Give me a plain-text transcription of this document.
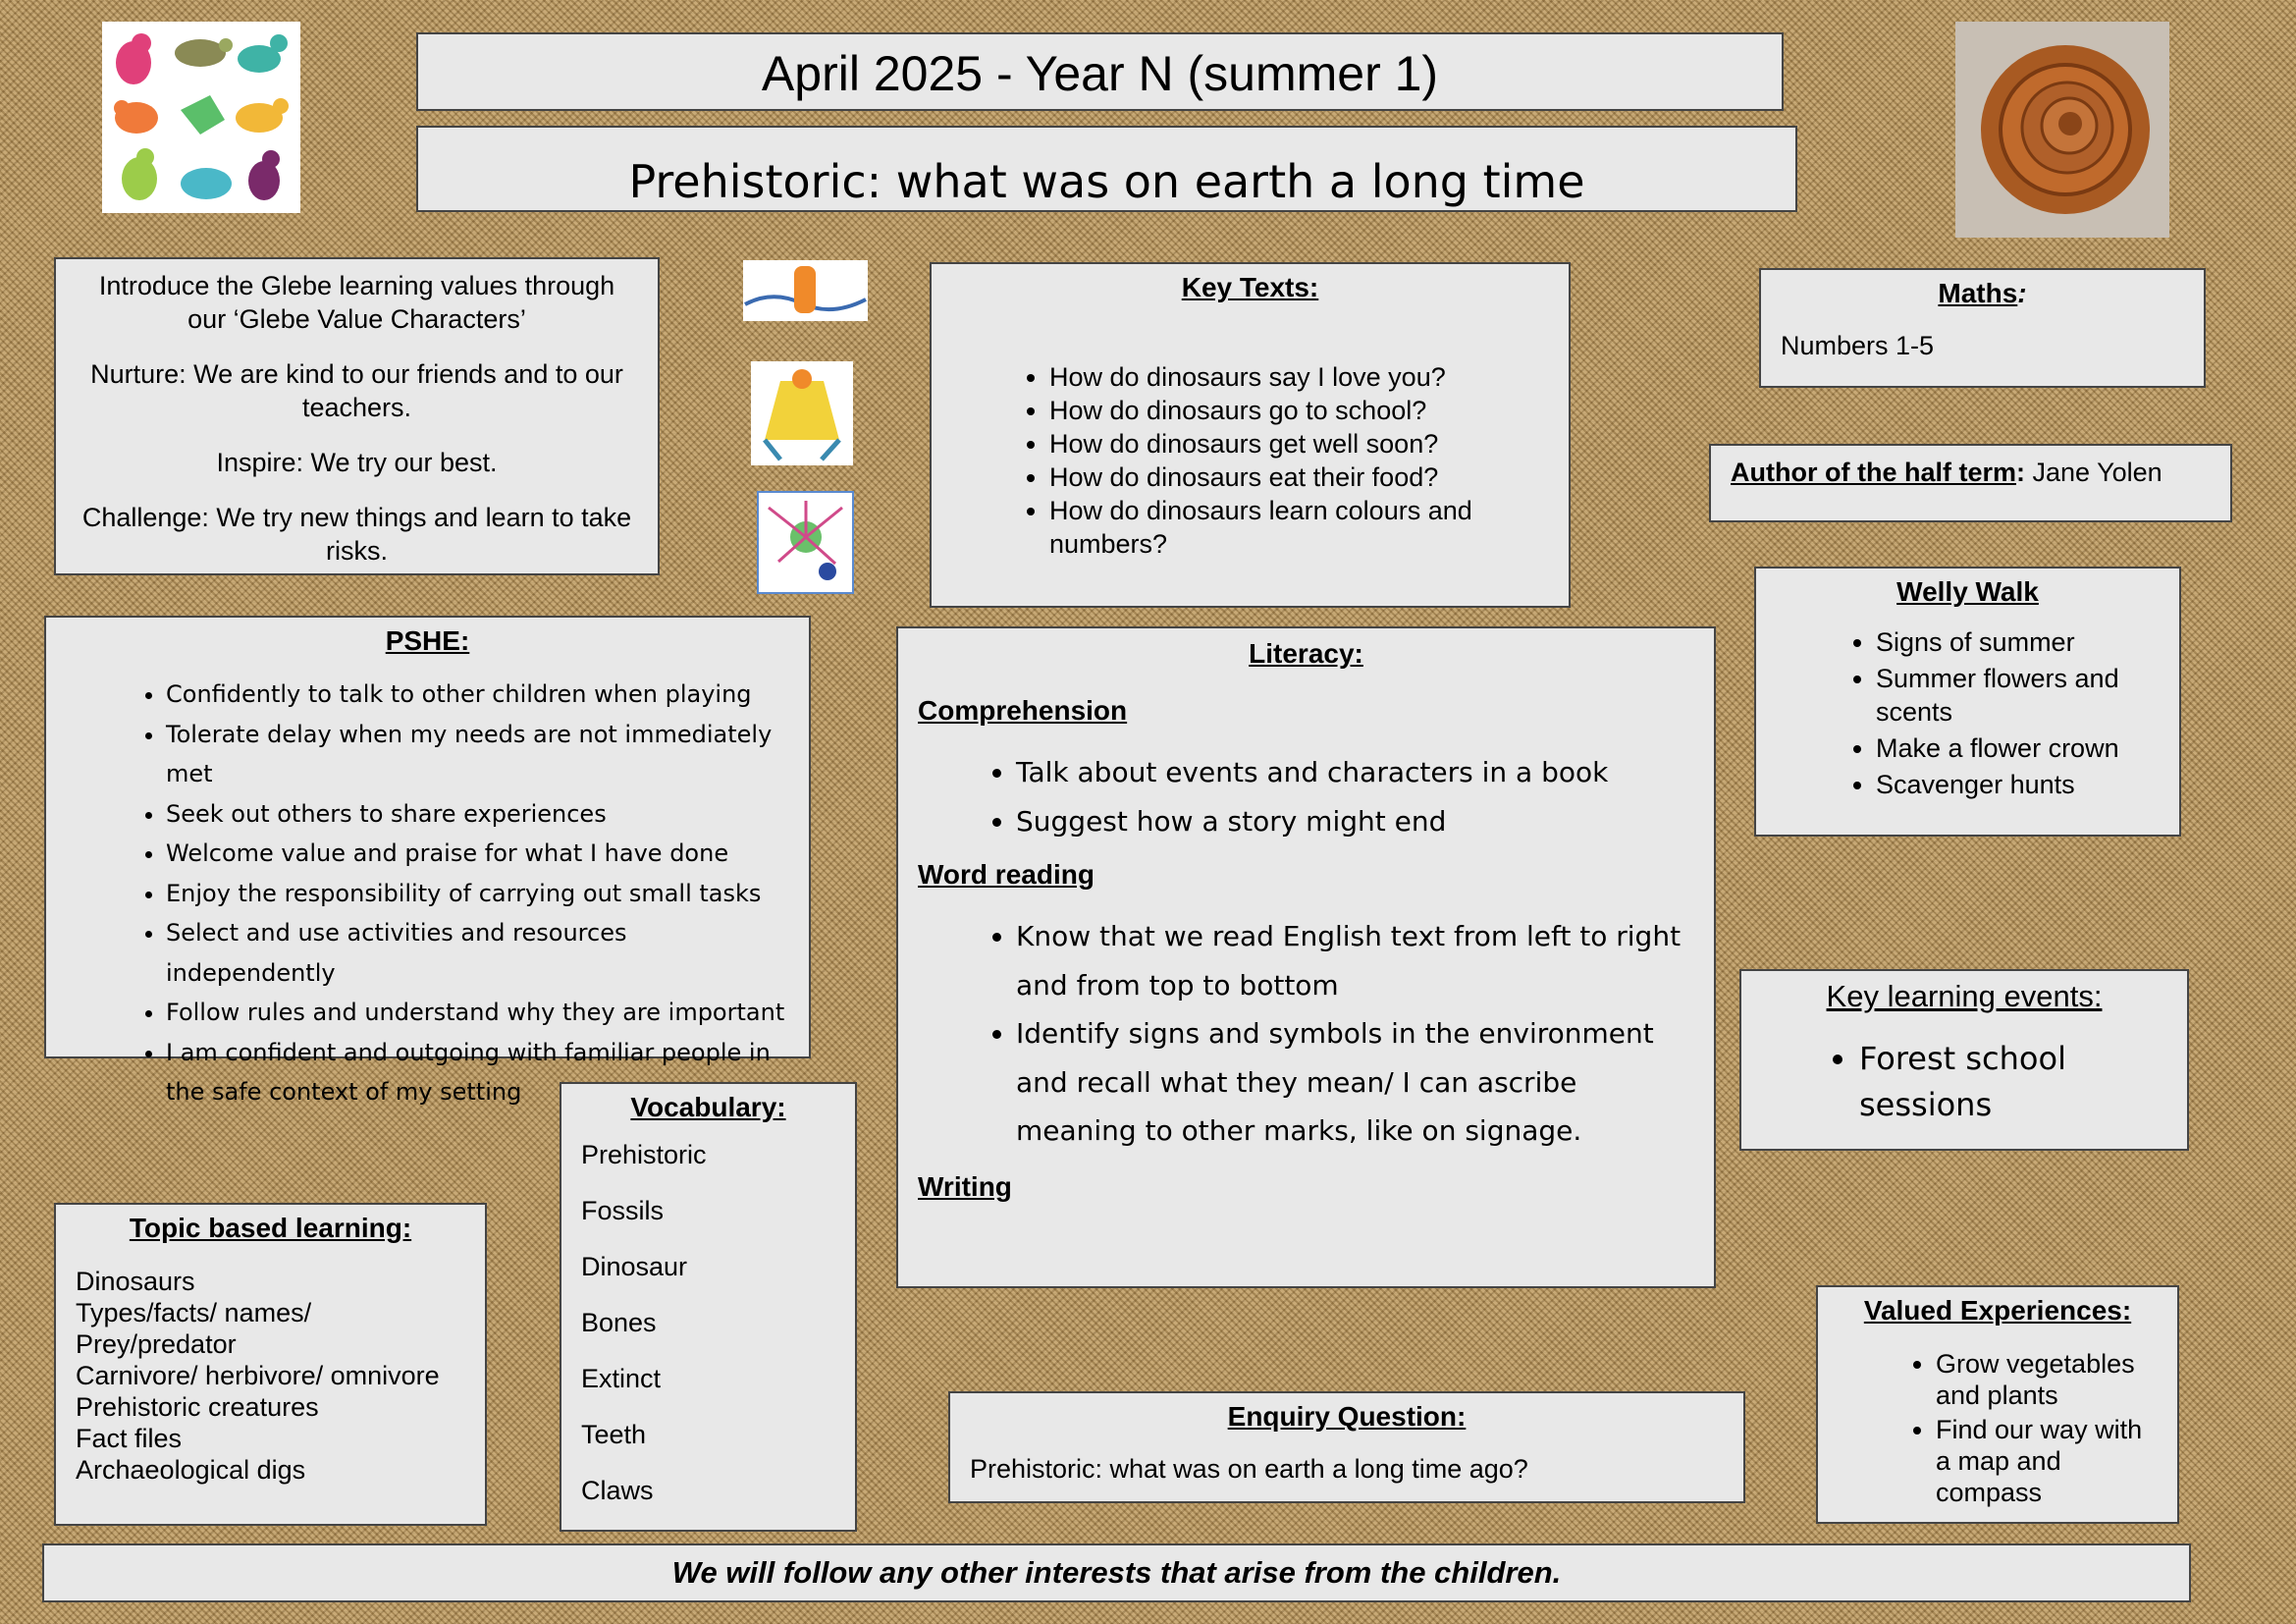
April 2025 - Year N (summer 1)
Prehistoric: what was on earth a long time
Introduce the Glebe learning values through our ‘Glebe Value Characters’
Nurture: We are kind to our friends and to our teachers.
Inspire: We try our best.
Challenge: We try new things and learn to take risks.
Key Texts:
• How do dinosaurs say I love you?
• How do dinosaurs go to school?
• How do dinosaurs get well soon?
• How do dinosaurs eat their food?
• How do dinosaurs learn colours and numbers?
Maths:
Numbers 1-5
Author of the half term: Jane Yolen
Welly Walk
• Signs of summer
• Summer flowers and scents
• Make a flower crown
• Scavenger hunts
PSHE:
• Confidently to talk to other children when playing
• Tolerate delay when my needs are not immediately met
• Seek out others to share experiences
• Welcome value and praise for what I have done
• Enjoy the responsibility of carrying out small tasks
• Select and use activities and resources independently
• Follow rules and understand why they are important
• I am confident and outgoing with familiar people in the safe context of my setting
Literacy:
Comprehension
• Talk about events and characters in a book
• Suggest how a story might end
Word reading
• Know that we read English text from left to right and from top to bottom
• Identify signs and symbols in the environment and recall what they mean/ I can ascribe meaning to other marks, like on signage.
Writing
Key learning events:
• Forest school sessions
Vocabulary:
Prehistoric
Fossils
Dinosaur
Bones
Extinct
Teeth
Claws
Topic based learning:
Dinosaurs
Types/facts/ names/
Prey/predator
Carnivore/ herbivore/ omnivore
Prehistoric creatures
Fact files
Archaeological digs
Enquiry Question:
Prehistoric: what was on earth a long time ago?
Valued Experiences:
• Grow vegetables and plants
• Find our way with a map and compass
We will follow any other interests that arise from the children.
